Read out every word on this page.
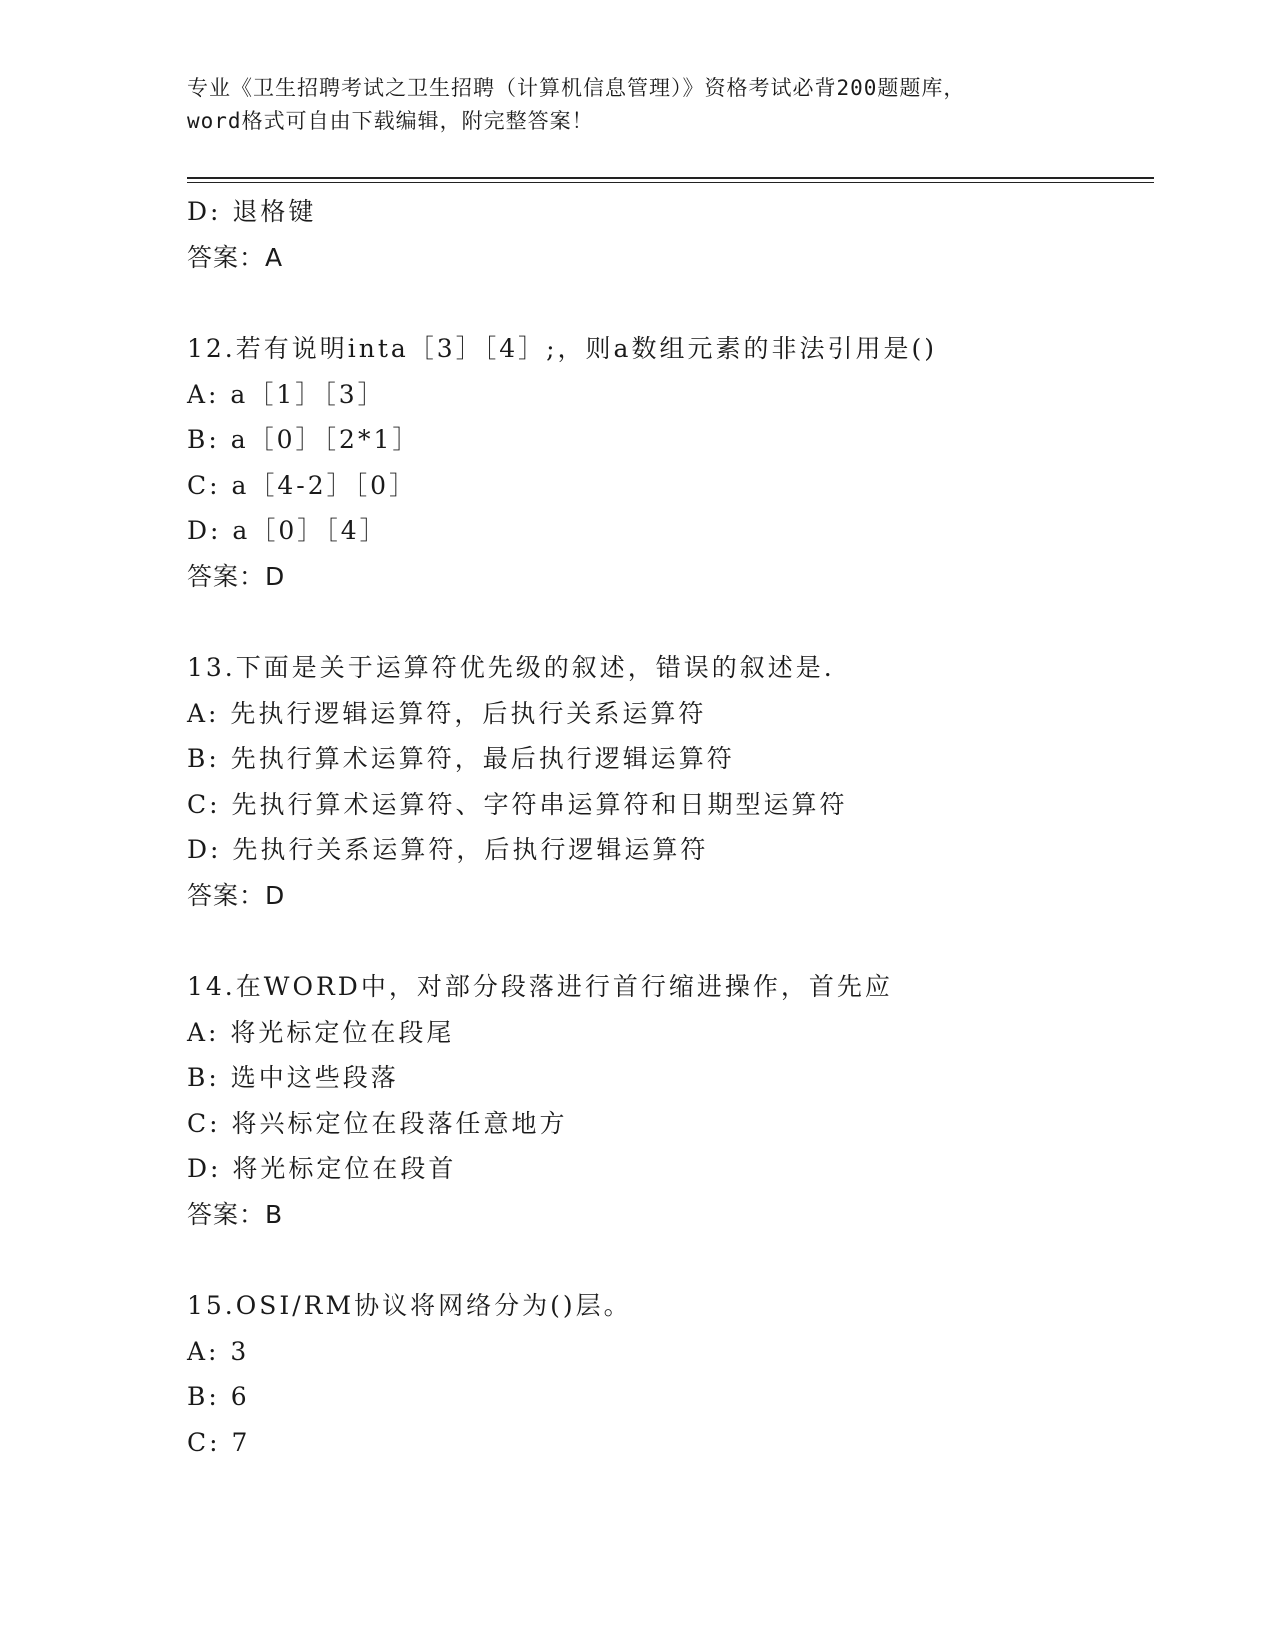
专业《卫生招聘考试之卫生招聘（计算机信息管理）》资格考试必背200题题库，
word格式可自由下载编辑，附完整答案！
D: 退格键
答案：A
12.若有说明inta［3］［4］;，则a数组元素的非法引用是()
A: a［1］［3］
B: a［0］［2*1］
C: a［4-2］［0］
D: a［0］［4］
答案：D
13.下面是关于运算符优先级的叙述，错误的叙述是.
A: 先执行逻辑运算符，后执行关系运算符
B: 先执行算术运算符，最后执行逻辑运算符
C: 先执行算术运算符、字符串运算符和日期型运算符
D: 先执行关系运算符，后执行逻辑运算符
答案：D
14.在WORD中，对部分段落进行首行缩进操作，首先应
A: 将光标定位在段尾
B: 选中这些段落
C: 将兴标定位在段落任意地方
D: 将光标定位在段首
答案：B
15.OSI/RM协议将网络分为()层。
A: 3
B: 6
C: 7
